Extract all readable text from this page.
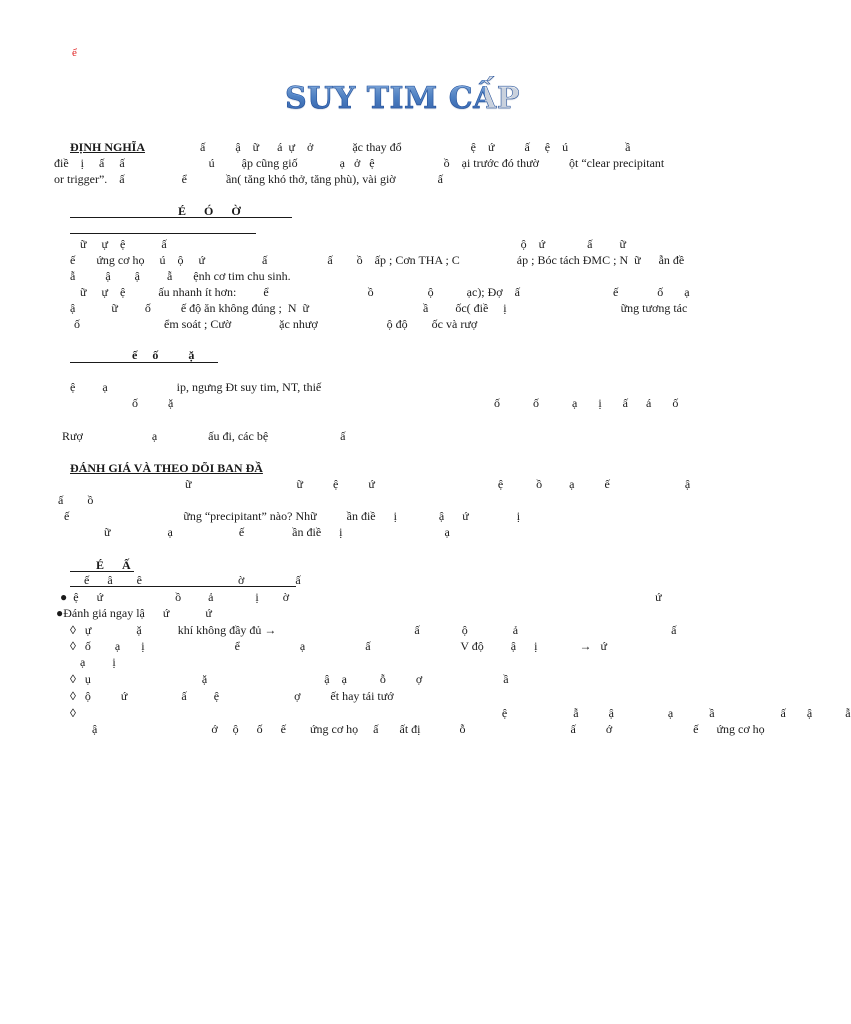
ể
SUY TIM CẤP
ĐỊNH NGHĨA	ấ          ậ    ữ      á  ự    ở             ặc thay đổ                       ệ    ứ          ấ     ệ    ú                   ầ
điề    ị     ấ     ấ                            ú         ập cũng giố              ạ   ở   ệ                       ồ    ại trước đó thườ          ột “clear precipitant
or trigger”.    ấ                   ể             ần( tăng khó thở, tăng phù), vài giờ              ấ
É      Ó      Ờ
ữ     ự    ệ            ấ                                                                                                                      ộ    ứ              ấ         ữ
ế       ứng cơ họ     ú    ộ     ứ                   ấ                    ấ        ồ    ấp ; Cơn THA ; C                   áp ; Bóc tách ĐMC ; N  ữ      ẫn đề
ẫ          ậ        ậ         ẫ       ệnh cơ tim chu sinh.
ữ     ự    ệ           ấu nhanh ít hơn:         ể                                 ồ                  ộ           ạc); Đợ    ấ                               ế             ố       ạ
ậ            ữ         ố          ế độ ăn không đúng ;  N  ữ                                      ầ         ốc( điề     ị                                      ững tương tác
ố                            ểm soát ; Cườ                ặc nhượ                       ộ độ        ốc và rượ
ế     ố          ặ
ệ         ạ                       ip, ngưng Đt suy tim, NT, thiế
ố          ặ	ố           ố           ạ       ị       ấ      á       ố
Rượ                       ạ                 ấu đi, các bệ                        ấ
ĐÁNH GIÁ VÀ THEO DÕI BAN ĐẦ
ữ                                   ữ          ệ          ứ                                         ệ           ồ         ạ          ế                         ậ
ấ        ồ
ế                                      ững “precipitant” nào? Nhữ          ần điề      ị              ậ      ứ                ị
ữ                   ạ                      ế                ần điề      ị                                  ạ
É      Ấ
ế      â        ê                                ờ                 ấ
●  ệ      ứ                        ồ         ả              ị        ờ                                                                                                                          ứ
●Đánh giá ngay lậ      ứ            ứ
◊   ự               ặ            khí không đầy đủ →                                              ấ              ộ               ả                                                   ấ
◊   ố        ạ       ị                              ể                    ạ                    ấ                              V độ         ậ      ị              →   ứ
ạ         ị
◊   ụ                                     ặ                                       ậ    ạ           ỗ          ợ                           ầ
◊   ộ          ứ                  ấ         ệ                         ợ          ết hay tái tướ
◊                                                                                                                                              ệ                      ẫ          ậ                  ạ            ầ                      ấ       ậ           ẫ
ậ                                      ớ     ộ      ố      ế        ứng cơ họ     ấ       ất đị             ỗ                                   ấ          ớ                           ế      ứng cơ họ
